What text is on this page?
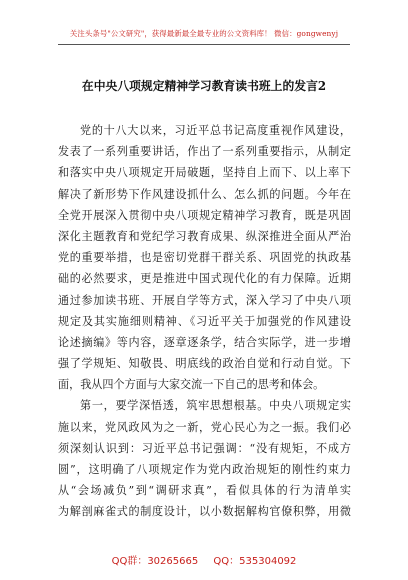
关注头条号"公文研究"，获得最新最全最专业的公文资料库！ 微信：gongwenyj
在中央八项规定精神学习教育读书班上的发言2
党的十八大以来，习近平总书记高度重视作风建设，
发表了一系列重要讲话，作出了一系列重要指示，从制定
和落实中央八项规定开局破题，坚持自上而下、以上率下
解决了新形势下作风建设抓什么、怎么抓的问题。今年在
全党开展深入贯彻中央八项规定精神学习教育，既是巩固
深化主题教育和党纪学习教育成果、纵深推进全面从严治
党的重要举措，也是密切党群干群关系、巩固党的执政基
础的必然要求，更是推进中国式现代化的有力保障。近期
通过参加读书班、开展自学等方式，深入学习了中央八项
规定及其实施细则精神、《习近平关于加强党的作风建设
论述摘编》等内容，逐章逐条学，结合实际学，进一步增
强了学规矩、知敬畏、明底线的政治自觉和行动自觉。下
面，我从四个方面与大家交流一下自己的思考和体会。
第一，要学深悟透，筑牢思想根基。中央八项规定实
施以来，党风政风为之一新，党心民心为之一振。我们必
须深刻认识到：习近平总书记强调：“没有规矩，不成方
圆”，这明确了八项规定作为党内政治规矩的刚性约束力
从“会场减负”到“调研求真”，看似具体的行为清单实
为解剖麻雀式的制度设计，以小数据解构官僚积弊，用微
QQ群：30265665 QQ：535304092
